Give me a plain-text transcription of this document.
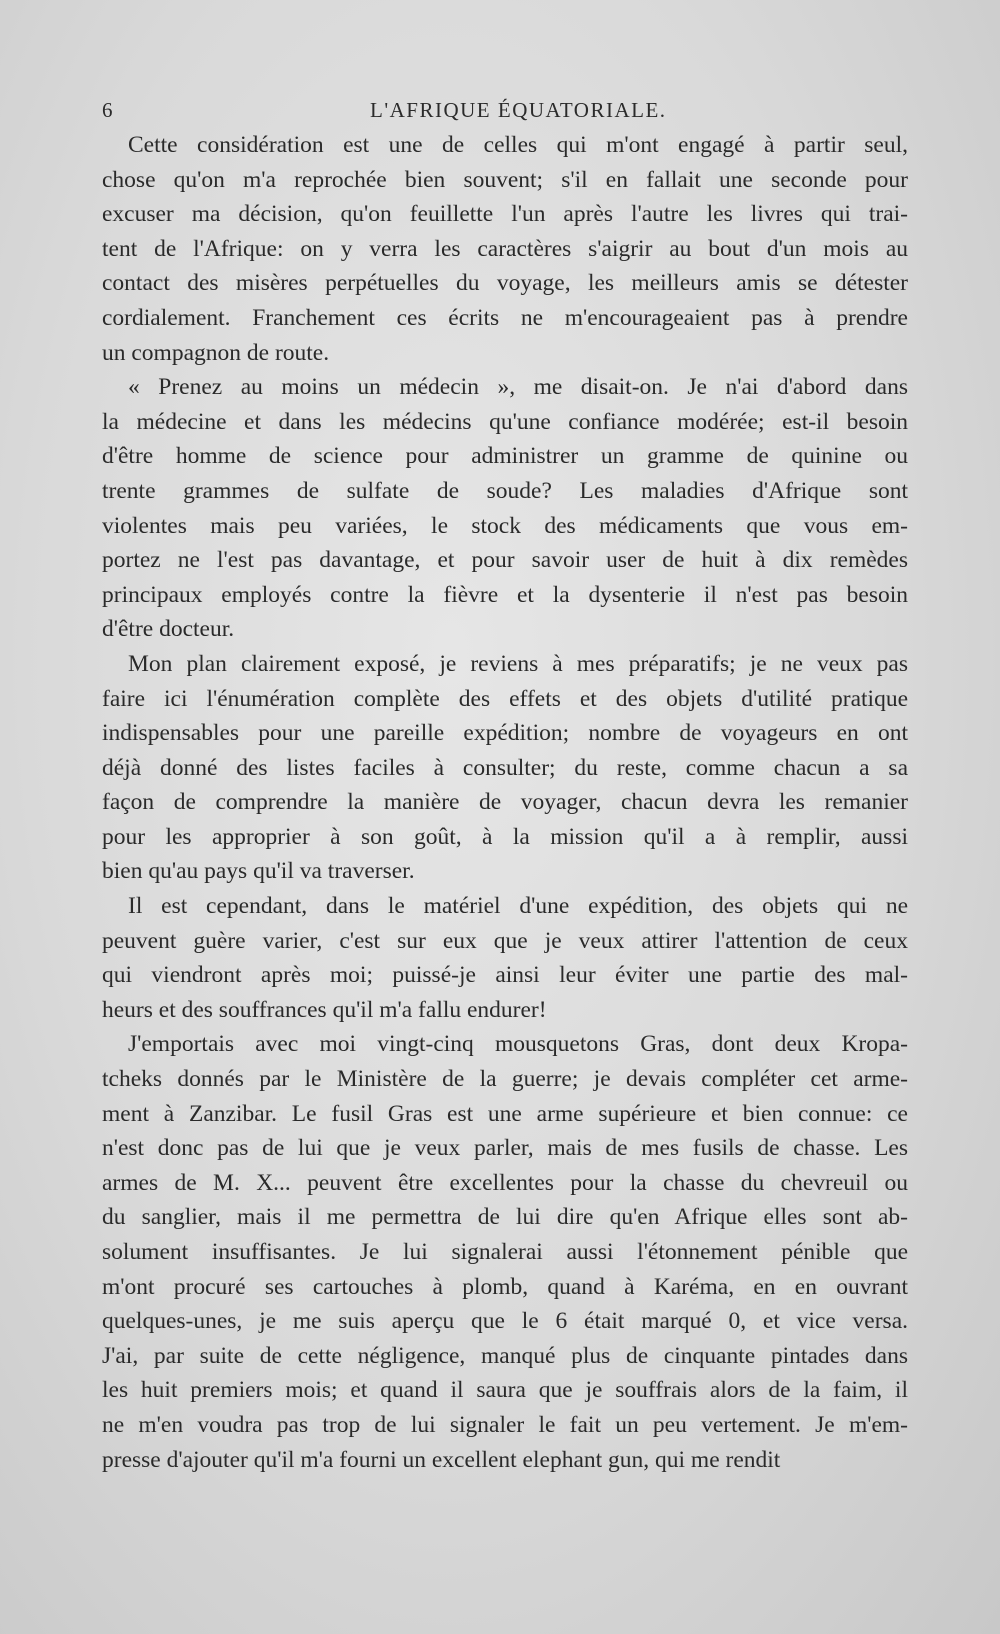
6	L'AFRIQUE ÉQUATORIALE.
Cette considération est une de celles qui m'ont engagé à partir seul,
chose qu'on m'a reprochée bien souvent; s'il en fallait une seconde pour
excuser ma décision, qu'on feuillette l'un après l'autre les livres qui trai-
tent de l'Afrique: on y verra les caractères s'aigrir au bout d'un mois au
contact des misères perpétuelles du voyage, les meilleurs amis se détester
cordialement. Franchement ces écrits ne m'encourageaient pas à prendre
un compagnon de route.
« Prenez au moins un médecin », me disait-on. Je n'ai d'abord dans
la médecine et dans les médecins qu'une confiance modérée; est-il besoin
d'être homme de science pour administrer un gramme de quinine ou
trente grammes de sulfate de soude? Les maladies d'Afrique sont
violentes mais peu variées, le stock des médicaments que vous em-
portez ne l'est pas davantage, et pour savoir user de huit à dix remèdes
principaux employés contre la fièvre et la dysenterie il n'est pas besoin
d'être docteur.
Mon plan clairement exposé, je reviens à mes préparatifs; je ne veux pas
faire ici l'énumération complète des effets et des objets d'utilité pratique
indispensables pour une pareille expédition; nombre de voyageurs en ont
déjà donné des listes faciles à consulter; du reste, comme chacun a sa
façon de comprendre la manière de voyager, chacun devra les remanier
pour les approprier à son goût, à la mission qu'il a à remplir, aussi
bien qu'au pays qu'il va traverser.
Il est cependant, dans le matériel d'une expédition, des objets qui ne
peuvent guère varier, c'est sur eux que je veux attirer l'attention de ceux
qui viendront après moi; puissé-je ainsi leur éviter une partie des mal-
heurs et des souffrances qu'il m'a fallu endurer!
J'emportais avec moi vingt-cinq mousquetons Gras, dont deux Kropa-
tcheks donnés par le Ministère de la guerre; je devais compléter cet arme-
ment à Zanzibar. Le fusil Gras est une arme supérieure et bien connue: ce
n'est donc pas de lui que je veux parler, mais de mes fusils de chasse. Les
armes de M. X... peuvent être excellentes pour la chasse du chevreuil ou
du sanglier, mais il me permettra de lui dire qu'en Afrique elles sont ab-
solument insuffisantes. Je lui signalerai aussi l'étonnement pénible que
m'ont procuré ses cartouches à plomb, quand à Karéma, en en ouvrant
quelques-unes, je me suis aperçu que le 6 était marqué 0, et vice versa.
J'ai, par suite de cette négligence, manqué plus de cinquante pintades dans
les huit premiers mois; et quand il saura que je souffrais alors de la faim, il
ne m'en voudra pas trop de lui signaler le fait un peu vertement. Je m'em-
presse d'ajouter qu'il m'a fourni un excellent elephant gun, qui me rendit
